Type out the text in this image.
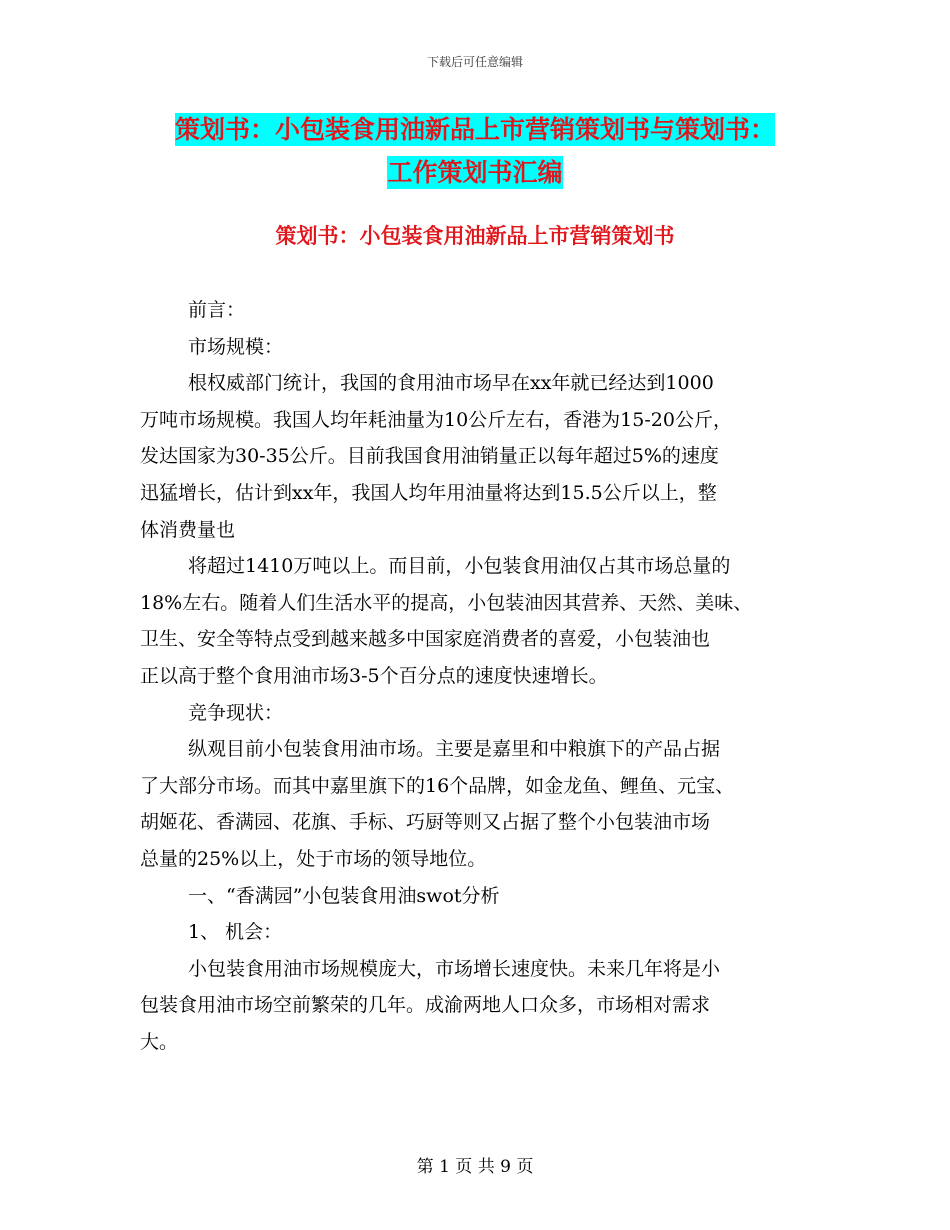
下载后可任意编辑
策划书：小包装食用油新品上市营销策划书与策划书：
工作策划书汇编
策划书：小包装食用油新品上市营销策划书
前言：
市场规模：
根权威部门统计，我国的食用油市场早在xx年就已经达到1000
万吨市场规模。我国人均年耗油量为10公斤左右，香港为15-20公斤，
发达国家为30-35公斤。目前我国食用油销量正以每年超过5%的速度
迅猛增长，估计到xx年，我国人均年用油量将达到15.5公斤以上，整
体消费量也
将超过1410万吨以上。而目前，小包装食用油仅占其市场总量的
18%左右。随着人们生活水平的提高，小包装油因其营养、天然、美味、
卫生、安全等特点受到越来越多中国家庭消费者的喜爱，小包装油也
正以高于整个食用油市场3-5个百分点的速度快速增长。
竞争现状：
纵观目前小包装食用油市场。主要是嘉里和中粮旗下的产品占据
了大部分市场。而其中嘉里旗下的16个品牌，如金龙鱼、鲤鱼、元宝、
胡姬花、香满园、花旗、手标、巧厨等则又占据了整个小包装油市场
总量的25%以上，处于市场的领导地位。
一、“香满园”小包装食用油swot分析
1、 机会：
小包装食用油市场规模庞大，市场增长速度快。未来几年将是小
包装食用油市场空前繁荣的几年。成渝两地人口众多，市场相对需求
大。
第 1 页 共 9 页
